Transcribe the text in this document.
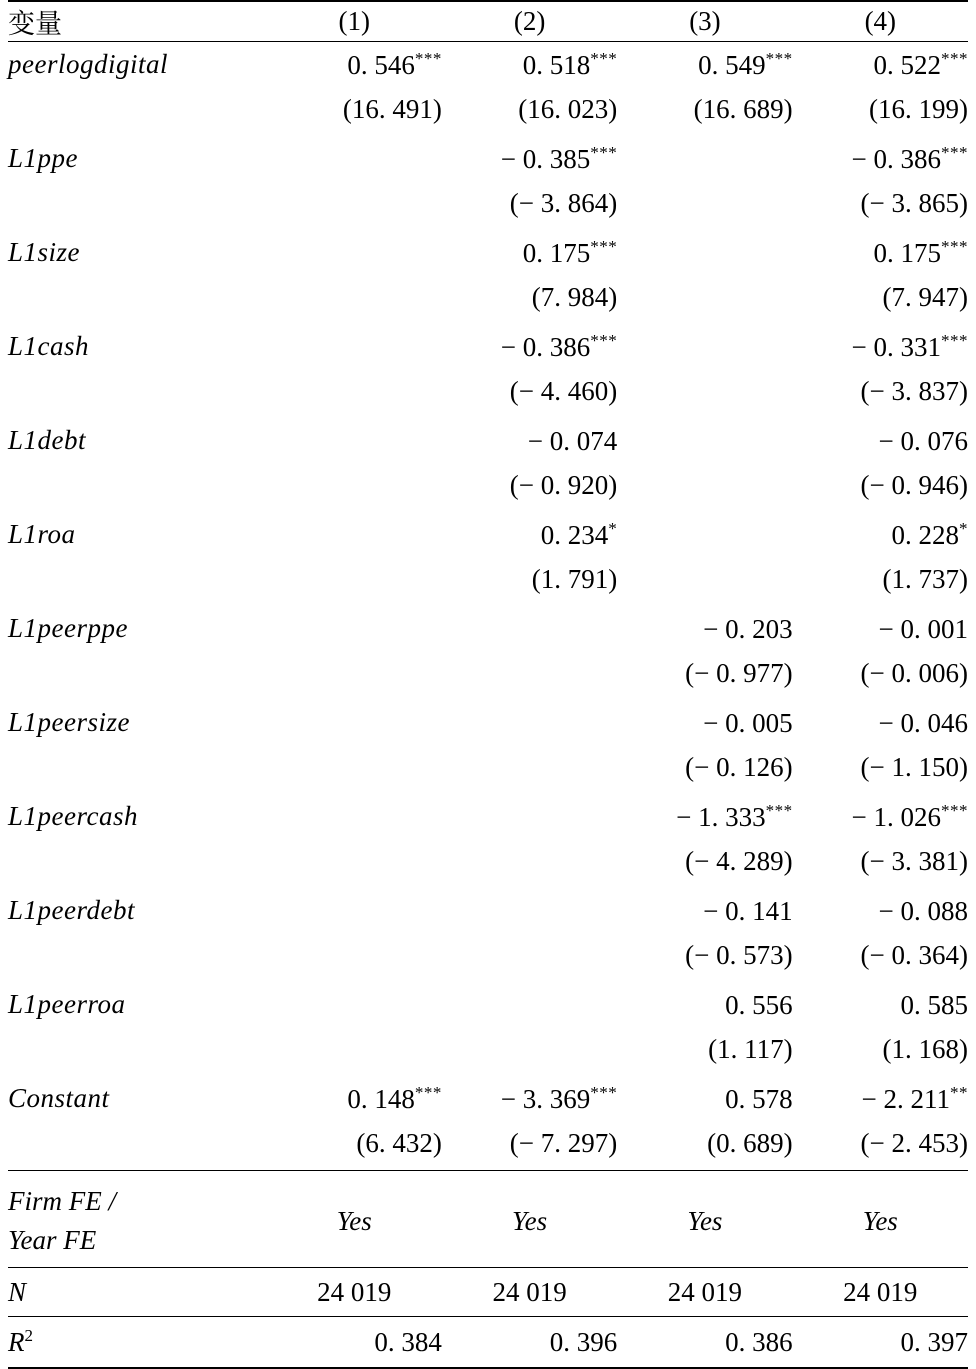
变量	(1)	(2)	(3)	(4)
peerlogdigital	0. 546***	0. 518***	0. 549***	0. 522***
	(16. 491)	(16. 023)	(16. 689)	(16. 199)
L1ppe		− 0. 385***		− 0. 386***
		(− 3. 864)		(− 3. 865)
L1size		0. 175***		0. 175***
		(7. 984)		(7. 947)
L1cash		− 0. 386***		− 0. 331***
		(− 4. 460)		(− 3. 837)
L1debt		− 0. 074		− 0. 076
		(− 0. 920)		(− 0. 946)
L1roa		0. 234*		0. 228*
		(1. 791)		(1. 737)
L1peerppe			− 0. 203	− 0. 001
			(− 0. 977)	(− 0. 006)
L1peersize			− 0. 005	− 0. 046
			(− 0. 126)	(− 1. 150)
L1peercash			− 1. 333***	− 1. 026***
			(− 4. 289)	(− 3. 381)
L1peerdebt			− 0. 141	− 0. 088
			(− 0. 573)	(− 0. 364)
L1peerroa			0. 556	0. 585
			(1. 117)	(1. 168)
Constant	0. 148***	− 3. 369***	0. 578	− 2. 211**
	(6. 432)	(− 7. 297)	(0. 689)	(− 2. 453)

Firm FE /
Year FE	Yes	Yes	Yes	Yes
N	24 019	24 019	24 019	24 019
$R^2$	0. 384	0. 396	0. 386	0. 397
